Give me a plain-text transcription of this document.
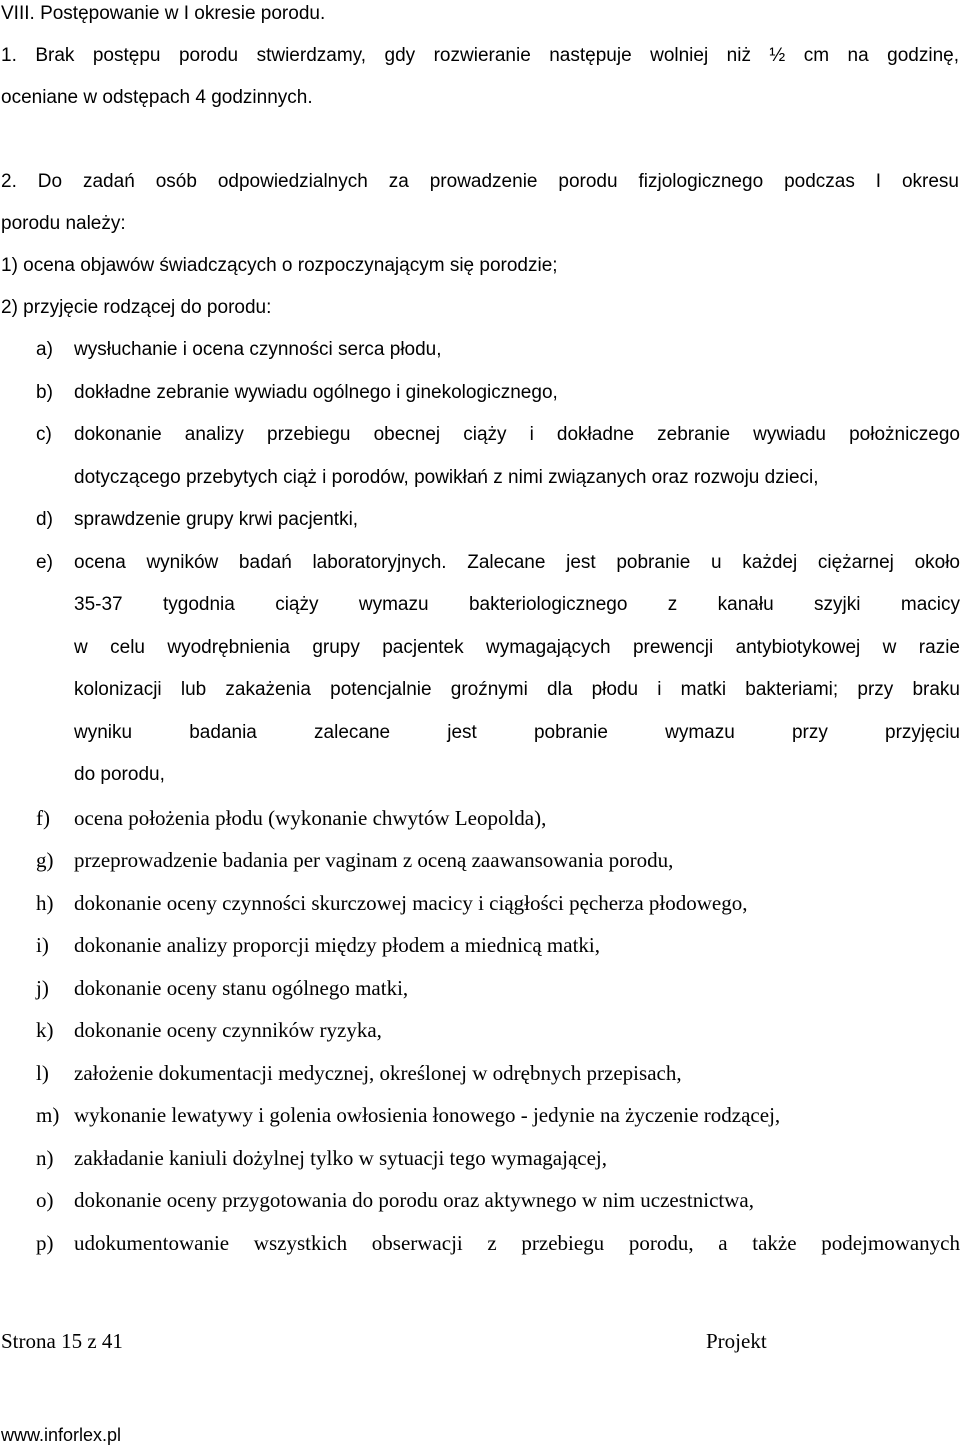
VIII. Postępowanie w I okresie porodu.
1. Brak postępu porodu stwierdzamy, gdy rozwieranie następuje wolniej niż ½ cm na godzinę,
oceniane w odstępach 4 godzinnych.
2. Do zadań osób odpowiedzialnych za prowadzenie porodu fizjologicznego podczas I okresu
porodu należy:
1) ocena objawów świadczących o rozpoczynającym się porodzie;
2) przyjęcie rodzącej do porodu:
a) wysłuchanie i ocena czynności serca płodu,
b) dokładne zebranie wywiadu ogólnego i ginekologicznego,
c) dokonanie analizy przebiegu obecnej ciąży i dokładne zebranie wywiadu położniczego
dotyczącego przebytych ciąż i porodów, powikłań z nimi związanych oraz rozwoju dzieci,
d) sprawdzenie grupy krwi pacjentki,
e) ocena wyników badań laboratoryjnych. Zalecane jest pobranie u każdej ciężarnej około
35-37 tygodnia ciąży wymazu bakteriologicznego z kanału szyjki macicy
w celu wyodrębnienia grupy pacjentek wymagających prewencji antybiotykowej w razie
kolonizacji lub zakażenia potencjalnie groźnymi dla płodu i matki bakteriami; przy braku
wyniku badania zalecane jest pobranie wymazu przy przyjęciu
do porodu,
f) ocena położenia płodu (wykonanie chwytów Leopolda),
g) przeprowadzenie badania per vaginam z oceną zaawansowania porodu,
h) dokonanie oceny czynności skurczowej macicy i ciągłości pęcherza płodowego,
i) dokonanie analizy proporcji między płodem a miednicą matki,
j) dokonanie oceny stanu ogólnego matki,
k) dokonanie oceny czynników ryzyka,
l) założenie dokumentacji medycznej, określonej w odrębnych przepisach,
m) wykonanie lewatywy i golenia owłosienia łonowego - jedynie na życzenie rodzącej,
n) zakładanie kaniuli dożylnej tylko w sytuacji tego wymagającej,
o) dokonanie oceny przygotowania do porodu oraz aktywnego w nim uczestnictwa,
p) udokumentowanie wszystkich obserwacji z przebiegu porodu, a także podejmowanych
Strona 15 z 41	Projekt
www.inforlex.pl
